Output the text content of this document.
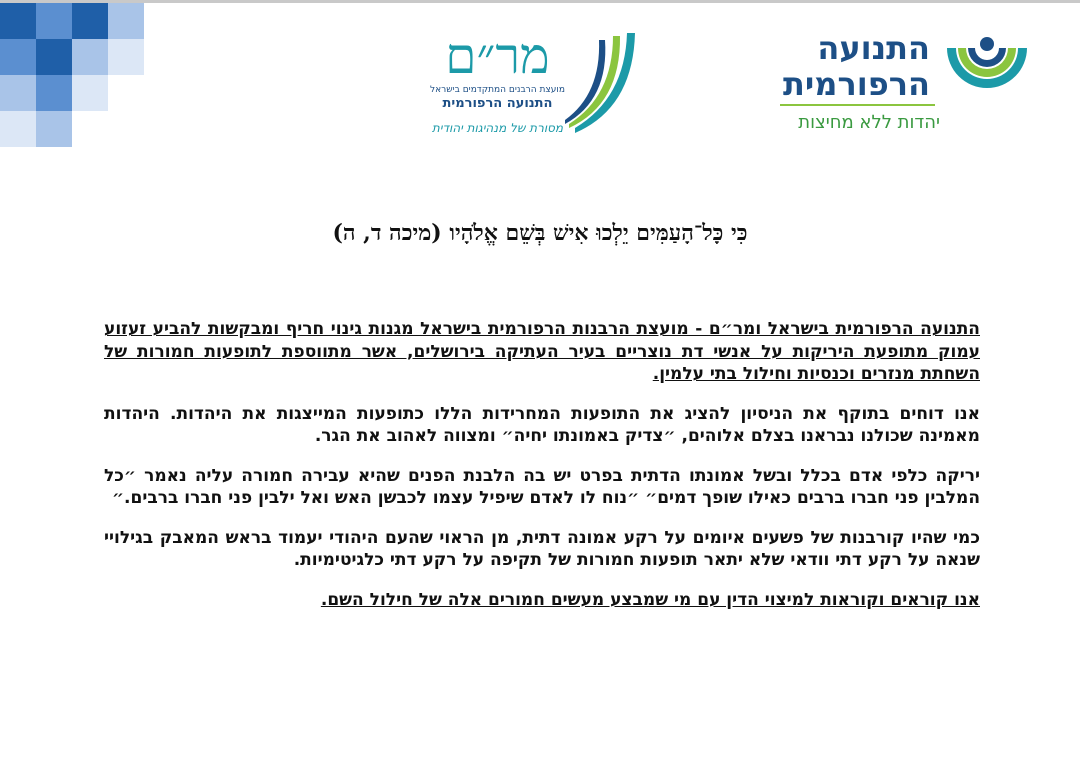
מר״ם
מועצת הרבנים המתקדמים בישראל
התנועה הרפורמית
מסורת של מנהיגות יהודית
התנועה
הרפורמית
יהדות ללא מחיצות
כִּי כָּל־הָעַמִּים יֵלְכוּ אִישׁ בְּשֵׁם אֱלֹהָיו (מיכה ד, ה)

התנועה הרפורמית בישראל ומר״ם - מועצת הרבנות הרפורמית בישראל מגנות גינוי חריף ומבקשות להביע זעזוע עמוק מתופעת היריקות על אנשי דת נוצריים בעיר העתיקה בירושלים, אשר מתווספת לתופעות חמורות של השחתת מנזרים וכנסיות וחילול בתי עלמין.

אנו דוחים בתוקף את הניסיון להציג את התופעות המחרידות הללו כתופעות המייצגות את היהדות. היהדות מאמינה שכולנו נבראנו בצלם אלוהים, ״צדיק באמונתו יחיה״ ומצווה לאהוב את הגר.

יריקה כלפי אדם בכלל ובשל אמונתו הדתית בפרט יש בה הלבנת הפנים שהיא עבירה חמורה עליה נאמר ״כל המלבין פני חברו ברבים כאילו שופך דמים״ ״נוח לו לאדם שיפיל עצמו לכבשן האש ואל ילבין פני חברו ברבים.״

כמי שהיו קורבנות של פשעים איומים על רקע אמונה דתית, מן הראוי שהעם היהודי יעמוד בראש המאבק בגילויי שנאה על רקע דתי וודאי שלא יתאר תופעות חמורות של תקיפה על רקע דתי כלגיטימיות.

אנו קוראים וקוראות למיצוי הדין עם מי שמבצע מעשים חמורים אלה של חילול השם.
